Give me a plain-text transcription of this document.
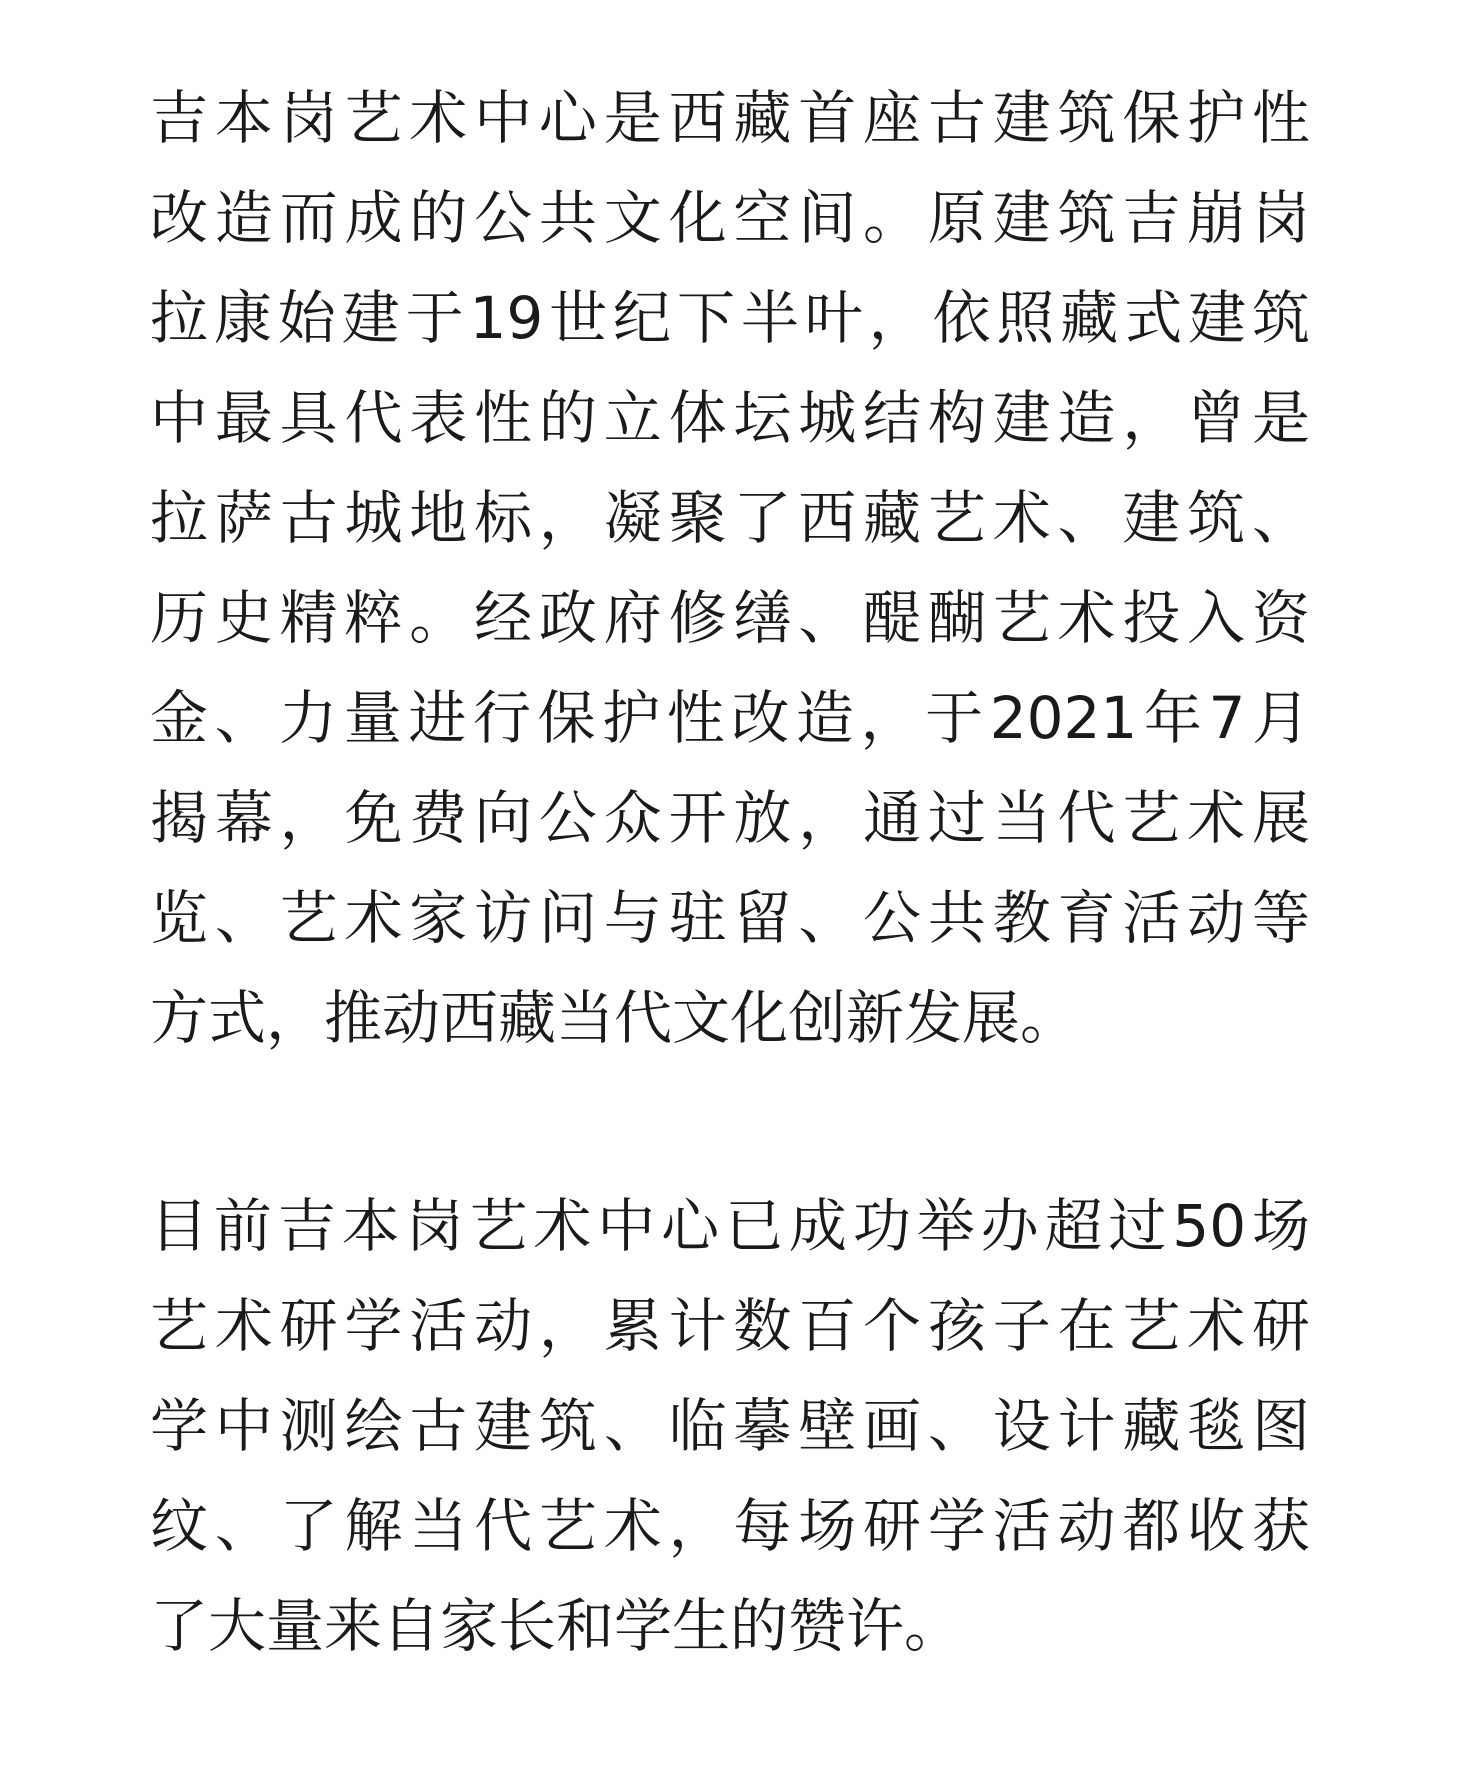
吉本岗艺术中心是西藏首座古建筑保护性
改造而成的公共文化空间。原建筑吉崩岗
拉康始建于19世纪下半叶，依照藏式建筑
中最具代表性的立体坛城结构建造，曾是
拉萨古城地标，凝聚了西藏艺术、建筑、
历史精粹。经政府修缮、醍醐艺术投入资
金、力量进行保护性改造，于2021年7月
揭幕，免费向公众开放，通过当代艺术展
览、艺术家访问与驻留、公共教育活动等
方式，推动西藏当代文化创新发展。
目前吉本岗艺术中心已成功举办超过50场
艺术研学活动，累计数百个孩子在艺术研
学中测绘古建筑、临摹壁画、设计藏毯图
纹、了解当代艺术，每场研学活动都收获
了大量来自家长和学生的赞许。
